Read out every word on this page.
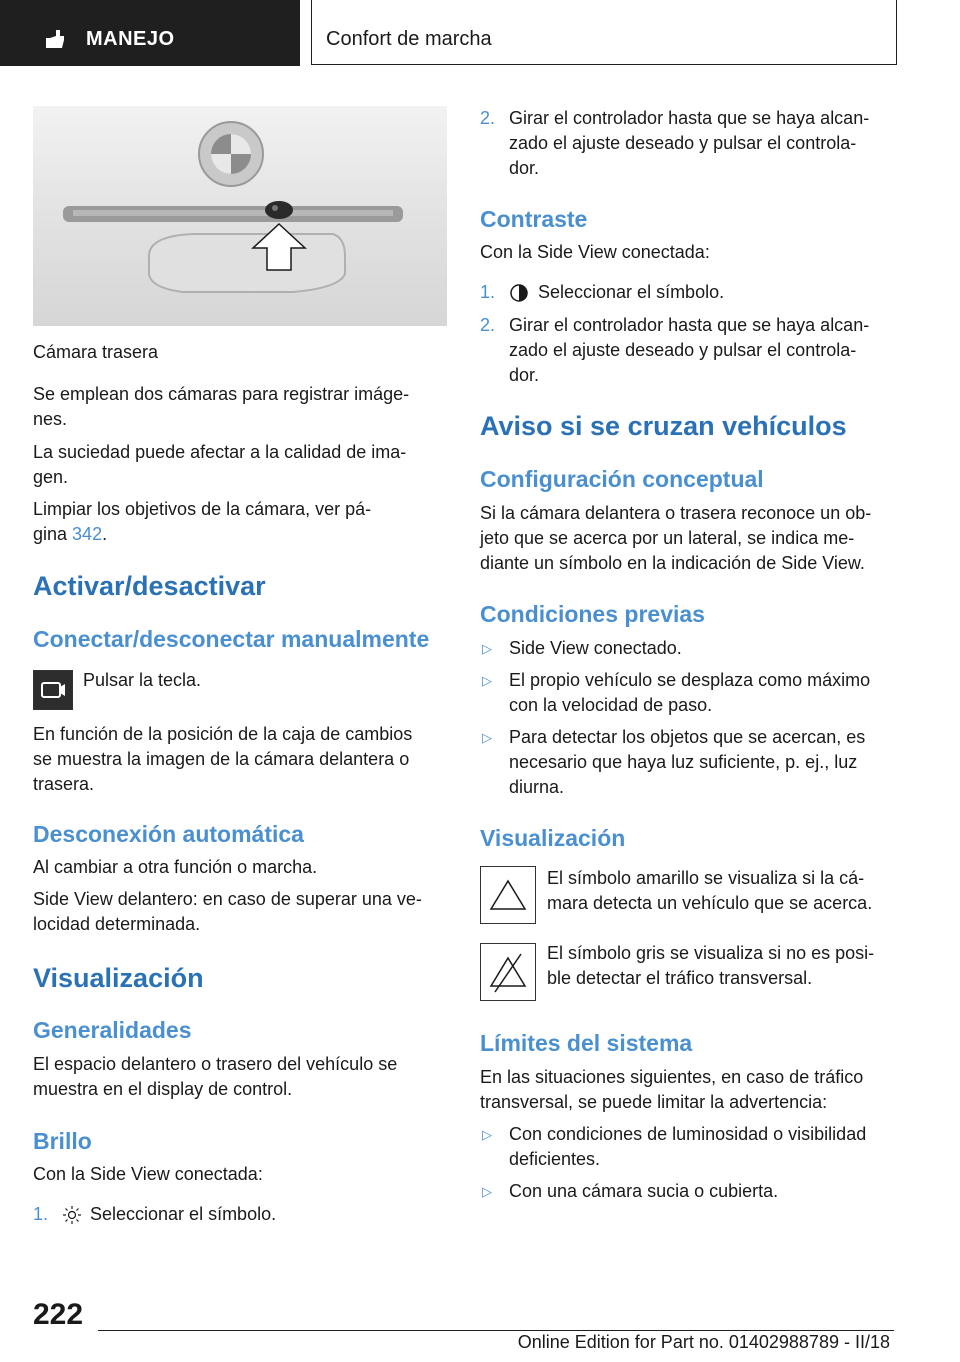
MANEJO	Confort de marcha

Cámara trasera

Se emplean dos cámaras para registrar imáge-

nes.

La suciedad puede afectar a la calidad de ima-

gen.

Limpiar los objetivos de la cámara, ver pá-

gina 342.

Activar/desactivar
Conectar/desconectar manualmente

Pulsar la tecla.

En función de la posición de la caja de cambios

se muestra la imagen de la cámara delantera o

trasera.

Desconexión automática

Al cambiar a otra función o marcha.

Side View delantero: en caso de superar una ve-

locidad determinada.

Visualización
Generalidades

El espacio delantero o trasero del vehículo se

muestra en el display de control.

Brillo

Con la Side View conectada:

1. Seleccionar el símbolo.
2. Girar el controlador hasta que se haya alcan-

zado el ajuste deseado y pulsar el controla-

dor.

Contraste

Con la Side View conectada:

1. Seleccionar el símbolo.
2. Girar el controlador hasta que se haya alcan-

zado el ajuste deseado y pulsar el controla-

dor.

Aviso si se cruzan vehículos
Configuración conceptual

Si la cámara delantera o trasera reconoce un ob-

jeto que se acerca por un lateral, se indica me-

diante un símbolo en la indicación de Side View.

Condiciones previas
▷ Side View conectado.

▷ El propio vehículo se desplaza como máximo

con la velocidad de paso.

▷ Para detectar los objetos que se acercan, es

necesario que haya luz suficiente, p. ej., luz

diurna.

Visualización

El símbolo amarillo se visualiza si la cá-

mara detecta un vehículo que se acerca.

El símbolo gris se visualiza si no es posi-

ble detectar el tráfico transversal.

Límites del sistema

En las situaciones siguientes, en caso de tráfico

transversal, se puede limitar la advertencia:

▷ Con condiciones de luminosidad o visibilidad

deficientes.

▷ Con una cámara sucia o cubierta.

222
Online Edition for Part no. 01402988789 - II/18
